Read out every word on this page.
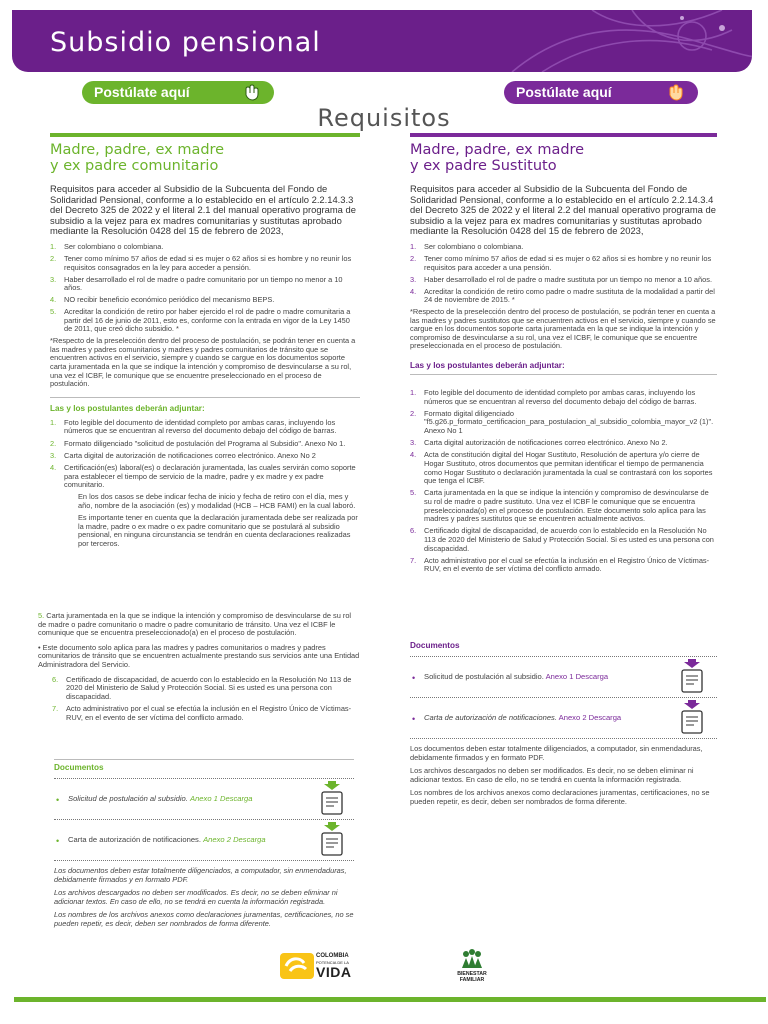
Subsidio pensional
Postúlate aquí	Postúlate aquí
Requisitos
Madre, padre, ex madre
y ex padre comunitario
Requisitos para acceder al Subsidio de la Subcuenta del Fondo de Solidaridad Pensional, conforme a lo establecido en el artículo 2.2.14.3.3 del Decreto 325 de 2022 y el literal 2.1 del manual operativo programa de subsidio a la vejez para ex madres comunitarias y sustitutas aprobado mediante la Resolución 0428 del 15 de febrero de 2023,
1. Ser colombiano o colombiana.
2. Tener como mínimo 57 años de edad si es mujer o 62 años si es hombre y no reunir los requisitos consagrados en la ley para acceder a pensión.
3. Haber desarrollado el rol de madre o padre comunitario por un tiempo no menor a 10 años.
4. NO recibir beneficio económico periódico del mecanismo BEPS.
5. Acreditar la condición de retiro por haber ejercido el rol de padre o madre comunitaria a partir del 16 de junio de 2011, esto es, conforme con la entrada en vigor de la Ley 1450 de 2011, que creó dicho subsidio. *
*Respecto de la preselección dentro del proceso de postulación, se podrán tener en cuenta a las madres y padres comunitarios y madres y padres comunitarios de tránsito que se encuentren activos en el servicio, siempre y cuando se cargue en los documentos soporte carta juramentada en la que se indique la intención y compromiso de desvincularse a su rol, una vez el ICBF, le comunique que se encuentre preseleccionado en el proceso de postulación.
Las y los postulantes deberán adjuntar:
1. Foto legible del documento de identidad completo por ambas caras, incluyendo los números que se encuentran al reverso del documento debajo del código de barras.
2. Formato diligenciado "solicitud de postulación del Programa al Subsidio". Anexo No 1.
3. Carta digital de autorización de notificaciones correo electrónico. Anexo No 2
4. Certificación(es) laboral(es) o declaración juramentada, las cuales servirán como soporte para establecer el tiempo de servicio de la madre, padre y ex madre y ex padre comunitario.
En los dos casos se debe indicar fecha de inicio y fecha de retiro con el día, mes y año, nombre de la asociación (es) y modalidad (HCB – HCB FAMI) en la cual laboró.
Es importante tener en cuenta que la declaración juramentada debe ser realizada por la madre, padre o ex madre o ex padre comunitario que se postulará al subsidio pensional, en ninguna circunstancia se tendrán en cuenta declaraciones realizadas por terceros.

5. Carta juramentada en la que se indique la intención y compromiso de desvincularse de su rol de madre o padre comunitario o madre o padre comunitario de tránsito. Una vez el ICBF le comunique que se encuentra preseleccionado(a) en el proceso de postulación.

• Este documento solo aplica para las madres y padres comunitarios o madres y padres comunitarios de tránsito que se encuentren actualmente prestando sus servicios ante una Entidad Administradora del Servicio.

6. Certificado de discapacidad, de acuerdo con lo establecido en la Resolución No 113 de 2020 del Ministerio de Salud y Protección Social. Si es usted es una persona con discapacidad.
7. Acto administrativo por el cual se efectúa la inclusión en el Registro Único de Víctimas- RUV, en el evento de ser víctima del conflicto armado.
Documentos
• Solicitud de postulación al subsidio. Anexo 1 Descarga
• Carta de autorización de notificaciones. Anexo 2 Descarga

Los documentos deben estar totalmente diligenciados, a computador, sin enmendaduras, debidamente firmados y en formato PDF.

Los archivos descargados no deben ser modificados. Es decir, no se deben eliminar ni adicionar textos. En caso de ello, no se tendrá en cuenta la información registrada.

Los nombres de los archivos anexos como declaraciones juramentas, certificaciones, no se pueden repetir, es decir, deben ser nombrados de forma diferente.

Madre, padre, ex madre
y ex padre Sustituto
Requisitos para acceder al Subsidio de la Subcuenta del Fondo de Solidaridad Pensional, conforme a lo establecido en el artículo 2.2.14.3.4 del Decreto 325 de 2022 y el literal 2.2 del manual operativo programa de subsidio a la vejez para ex madres comunitarias y sustitutas aprobado mediante la Resolución 0428 del 15 de febrero de 2023,
1. Ser colombiano o colombiana.
2. Tener como mínimo 57 años de edad si es mujer o 62 años si es hombre y no reunir los requisitos para acceder a una pensión.
3. Haber desarrollado el rol de padre o madre sustituta por un tiempo no menor a 10 años.
4. Acreditar la condición de retiro como padre o madre sustituta de la modalidad a partir del 24 de noviembre de 2015. *
*Respecto de la preselección dentro del proceso de postulación, se podrán tener en cuenta a las madres y padres sustitutos que se encuentren activos en el servicio, siempre y cuando se cargue en los documentos soporte carta juramentada en la que se indique la intención y compromiso de desvincularse a su rol, una vez el ICBF, le comunique que se encuentre preseleccionada en el proceso de postulación.
Las y los postulantes deberán adjuntar:
1. Foto legible del documento de identidad completo por ambas caras, incluyendo los números que se encuentran al reverso del documento debajo del código de barras.
2. Formato digital diligenciado "f5.g26.p_formato_certificacion_para_postulacion_al_subsidio_colombia_mayor_v2 (1)". Anexo No 1
3. Carta digital autorización de notificaciones correo electrónico. Anexo No 2.
4. Acta de constitución digital del Hogar Sustituto, Resolución de apertura y/o cierre de Hogar Sustituto, otros documentos que permitan identificar el tiempo de permanencia como Hogar Sustituto o declaración juramentada la cual se contrastará con los soportes que tenga el ICBF.
5. Carta juramentada en la que se indique la intención y compromiso de desvincularse de su rol de madre o padre sustituto. Una vez el ICBF le comunique que se encuentra preseleccionada(o) en el proceso de postulación. Este documento solo aplica para las madres y padres sustitutos que se encuentren actualmente activos.
6. Certificado digital de discapacidad, de acuerdo con lo establecido en la Resolución No 113 de 2020 del Ministerio de Salud y Protección Social. Si es usted es una persona con discapacidad.
7. Acto administrativo por el cual se efectúa la inclusión en el Registro Único de Víctimas- RUV, en el evento de ser víctima del conflicto armado.
Documentos
• Solicitud de postulación al subsidio. Anexo 1 Descarga
• Carta de autorización de notificaciones. Anexo 2 Descarga

Los documentos deben estar totalmente diligenciados, a computador, sin enmendaduras, debidamente firmados y en formato PDF.

Los archivos descargados no deben ser modificados. Es decir, no se deben eliminar ni adicionar textos. En caso de ello, no se tendrá en cuenta la información registrada.

Los nombres de los archivos anexos como declaraciones juramentas, certificaciones, no se pueden repetir, es decir, deben ser nombrados de forma diferente.

COLOMBIA
POTENCIA DE LA
VIDA	BIENESTAR
FAMILIAR
